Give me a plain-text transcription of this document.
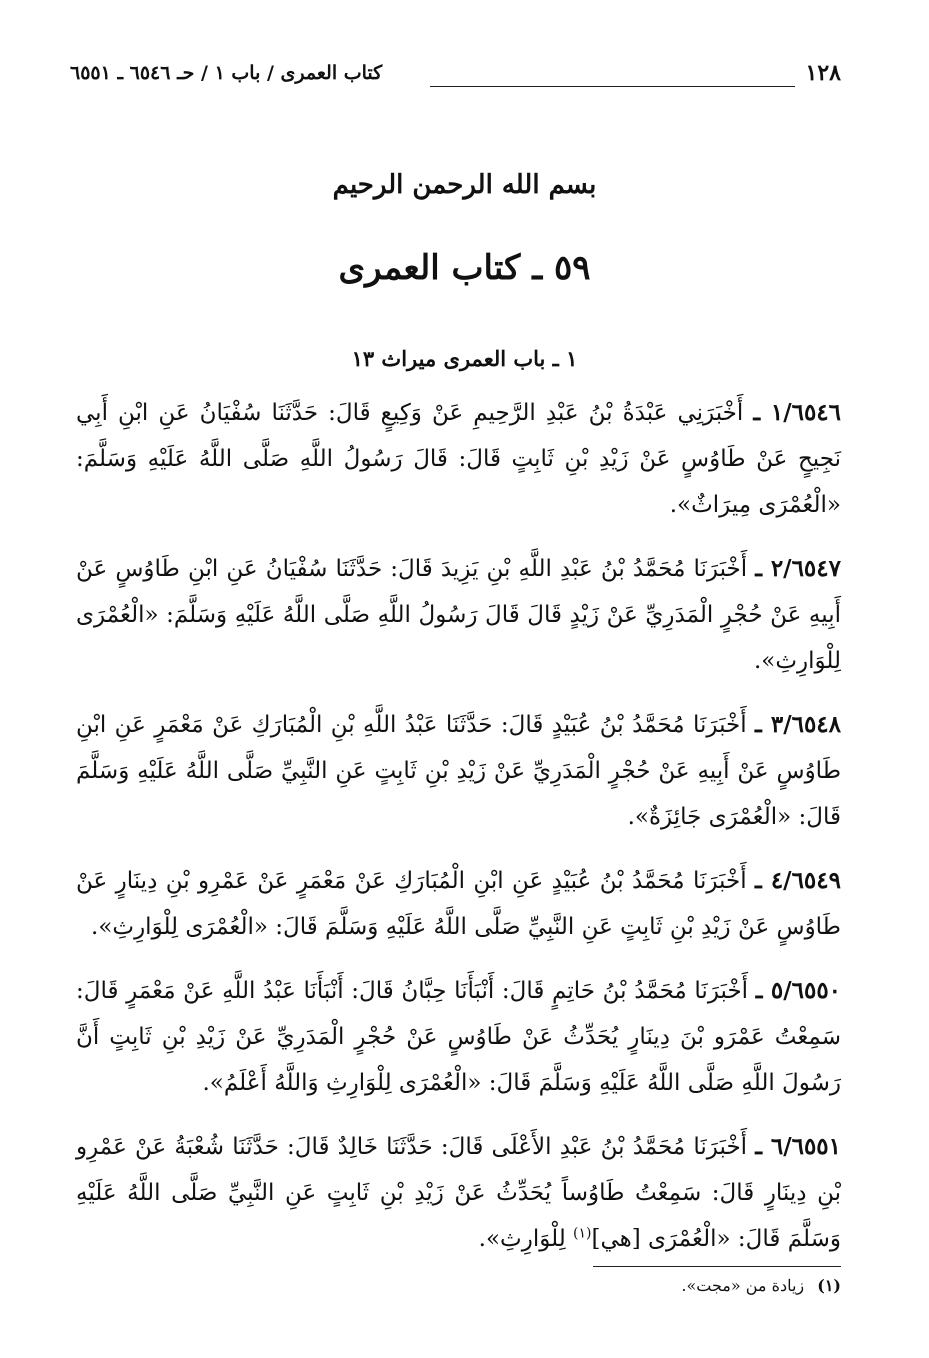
١٢٨
كتاب العمرى / باب ١ / حـ ٦٥٤٦ ـ ٦٥٥١
بسم الله الرحمن الرحيم
٥٩ ـ كتاب العمرى
١ ـ باب العمرى ميراث ١٣

١/٦٥٤٦ ـ أَخْبَرَنِي عَبْدَةُ بْنُ عَبْدِ الرَّحِيمِ عَنْ وَكِيعٍ قَالَ: حَدَّثَنَا سُفْيَانُ عَنِ ابْنِ أَبِي نَجِيحٍ عَنْ طَاوُسٍ عَنْ زَيْدِ بْنِ ثَابِتٍ قَالَ: قَالَ رَسُولُ اللَّهِ صَلَّى اللَّهُ عَلَيْهِ وَسَلَّمَ: «الْعُمْرَى مِيرَاثٌ».

٢/٦٥٤٧ ـ أَخْبَرَنَا مُحَمَّدُ بْنُ عَبْدِ اللَّهِ بْنِ يَزِيدَ قَالَ: حَدَّثَنَا سُفْيَانُ عَنِ ابْنِ طَاوُسٍ عَنْ أَبِيهِ عَنْ حُجْرٍ الْمَدَرِيِّ عَنْ زَيْدٍ قَالَ قَالَ رَسُولُ اللَّهِ صَلَّى اللَّهُ عَلَيْهِ وَسَلَّمَ: «الْعُمْرَى لِلْوَارِثِ».

٣/٦٥٤٨ ـ أَخْبَرَنَا مُحَمَّدُ بْنُ عُبَيْدٍ قَالَ: حَدَّثَنَا عَبْدُ اللَّهِ بْنِ الْمُبَارَكِ عَنْ مَعْمَرٍ عَنِ ابْنِ طَاوُسٍ عَنْ أَبِيهِ عَنْ حُجْرٍ الْمَدَرِيِّ عَنْ زَيْدِ بْنِ ثَابِتٍ عَنِ النَّبِيِّ صَلَّى اللَّهُ عَلَيْهِ وَسَلَّمَ قَالَ: «الْعُمْرَى جَائِزَةٌ».

٤/٦٥٤٩ ـ أَخْبَرَنَا مُحَمَّدُ بْنُ عُبَيْدٍ عَنِ ابْنِ الْمُبَارَكِ عَنْ مَعْمَرٍ عَنْ عَمْرِو بْنِ دِينَارٍ عَنْ طَاوُسٍ عَنْ زَيْدِ بْنِ ثَابِتٍ عَنِ النَّبِيِّ صَلَّى اللَّهُ عَلَيْهِ وَسَلَّمَ قَالَ: «الْعُمْرَى لِلْوَارِثِ».

٥/٦٥٥٠ ـ أَخْبَرَنَا مُحَمَّدُ بْنُ حَاتِمٍ قَالَ: أَنْبَأَنَا حِبَّانُ قَالَ: أَنْبَأَنَا عَبْدُ اللَّهِ عَنْ مَعْمَرٍ قَالَ: سَمِعْتُ عَمْرَو بْنَ دِينَارٍ يُحَدِّثُ عَنْ طَاوُسٍ عَنْ حُجْرٍ الْمَدَرِيِّ عَنْ زَيْدِ بْنِ ثَابِتٍ أَنَّ رَسُولَ اللَّهِ صَلَّى اللَّهُ عَلَيْهِ وَسَلَّمَ قَالَ: «الْعُمْرَى لِلْوَارِثِ وَاللَّهُ أَعْلَمُ».

٦/٦٥٥١ ـ أَخْبَرَنَا مُحَمَّدُ بْنُ عَبْدِ الأَعْلَى قَالَ: حَدَّثَنَا خَالِدٌ قَالَ: حَدَّثَنَا شُعْبَةُ عَنْ عَمْرِو بْنِ دِينَارٍ قَالَ: سَمِعْتُ طَاوُساً يُحَدِّثُ عَنْ زَيْدِ بْنِ ثَابِتٍ عَنِ النَّبِيِّ صَلَّى اللَّهُ عَلَيْهِ وَسَلَّمَ قَالَ: «الْعُمْرَى [هي]$^{(١)}$ لِلْوَارِثِ».

(١) زيادة من «مجت».
